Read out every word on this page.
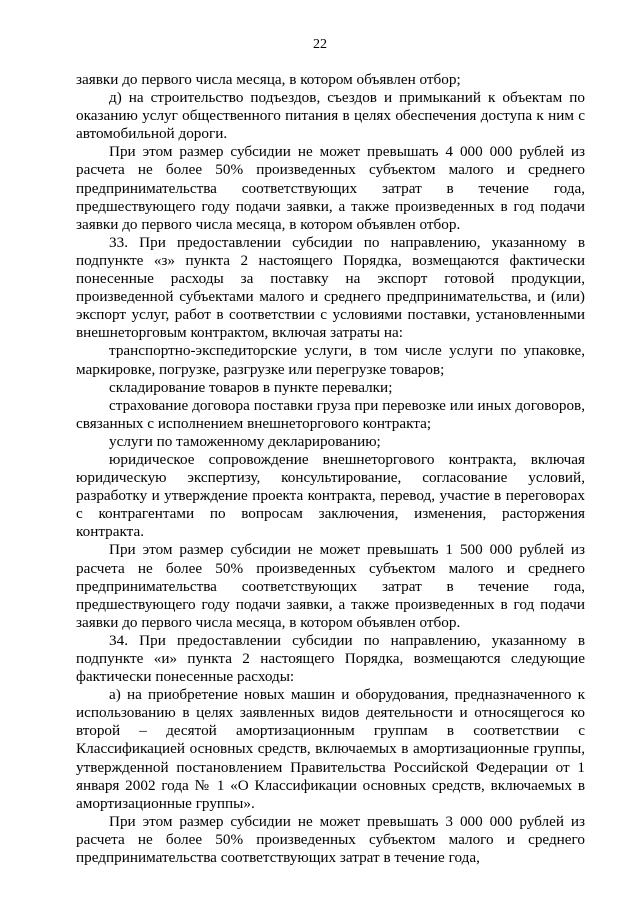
22

заявки до первого числа месяца, в котором объявлен отбор;

д) на строительство подъездов, съездов и примыканий к объектам по оказанию услуг общественного питания в целях обеспечения доступа к ним с автомобильной дороги.

При этом размер субсидии не может превышать 4 000 000 рублей из расчета не более 50% произведенных субъектом малого и среднего предпринимательства соответствующих затрат в течение года, предшествующего году подачи заявки, а также произведенных в год подачи заявки до первого числа месяца, в котором объявлен отбор.

33. При предоставлении субсидии по направлению, указанному в подпункте «з» пункта 2 настоящего Порядка, возмещаются фактически понесенные расходы за поставку на экспорт готовой продукции, произведенной субъектами малого и среднего предпринимательства, и (или) экспорт услуг, работ в соответствии с условиями поставки, установленными внешнеторговым контрактом, включая затраты на:

транспортно-экспедиторские услуги, в том числе услуги по упаковке, маркировке, погрузке, разгрузке или перегрузке товаров;

складирование товаров в пункте перевалки;

страхование договора поставки груза при перевозке или иных договоров, связанных с исполнением внешнеторгового контракта;

услуги по таможенному декларированию;

юридическое сопровождение внешнеторгового контракта, включая юридическую экспертизу, консультирование, согласование условий, разработку и утверждение проекта контракта, перевод, участие в переговорах с контрагентами по вопросам заключения, изменения, расторжения контракта.

При этом размер субсидии не может превышать 1 500 000 рублей из расчета не более 50% произведенных субъектом малого и среднего предпринимательства соответствующих затрат в течение года, предшествующего году подачи заявки, а также произведенных в год подачи заявки до первого числа месяца, в котором объявлен отбор.

34. При предоставлении субсидии по направлению, указанному в подпункте «и» пункта 2 настоящего Порядка, возмещаются следующие фактически понесенные расходы:

а) на приобретение новых машин и оборудования, предназначенного к использованию в целях заявленных видов деятельности и относящегося ко второй – десятой амортизационным группам в соответствии с Классификацией основных средств, включаемых в амортизационные группы, утвержденной постановлением Правительства Российской Федерации от 1 января 2002 года № 1 «О Классификации основных средств, включаемых в амортизационные группы».

При этом размер субсидии не может превышать 3 000 000 рублей из расчета не более 50% произведенных субъектом малого и среднего предпринимательства соответствующих затрат в течение года,
